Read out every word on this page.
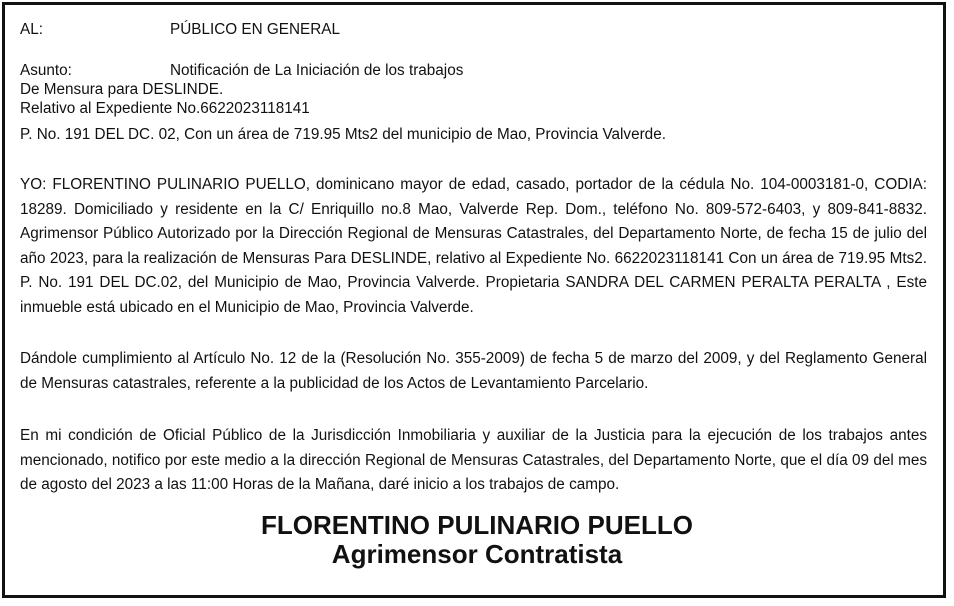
AL:	PÚBLICO EN GENERAL
Asunto:	Notificación de La Iniciación de los trabajos
De Mensura para DESLINDE.
Relativo al Expediente No.6622023118141
P. No. 191 DEL DC. 02, Con un área de 719.95 Mts2 del municipio de Mao, Provincia Valverde.
YO: FLORENTINO PULINARIO PUELLO, dominicano mayor de edad, casado, portador de la cédula No. 104-0003181-0, CODIA: 18289. Domiciliado y residente en la C/ Enriquillo no.8 Mao, Valverde Rep. Dom., teléfono No. 809-572-6403, y 809-841-8832. Agrimensor Público Autorizado por la Dirección Regional de Mensuras Catastrales, del Departamento Norte, de fecha 15 de julio del año 2023, para la realización de Mensuras Para DESLINDE, relativo al Expediente No. 6622023118141 Con un área de 719.95 Mts2. P. No. 191 DEL DC.02, del Municipio de Mao, Provincia Valverde. Propietaria SANDRA DEL CARMEN PERALTA PERALTA , Este inmueble está ubicado en el Municipio de Mao, Provincia Valverde.
Dándole cumplimiento al Artículo No. 12 de la (Resolución No. 355-2009) de fecha 5 de marzo del 2009, y del Reglamento General de Mensuras catastrales, referente a la publicidad de los Actos de Levantamiento Parcelario.
En mi condición de Oficial Público de la Jurisdicción Inmobiliaria y auxiliar de la Justicia para la ejecución de los trabajos antes mencionado, notifico por este medio a la dirección Regional de Mensuras Catastrales, del Departamento Norte, que el día 09 del mes de agosto del 2023 a las 11:00 Horas de la Mañana, daré inicio a los trabajos de campo.
FLORENTINO PULINARIO PUELLO
Agrimensor Contratista
